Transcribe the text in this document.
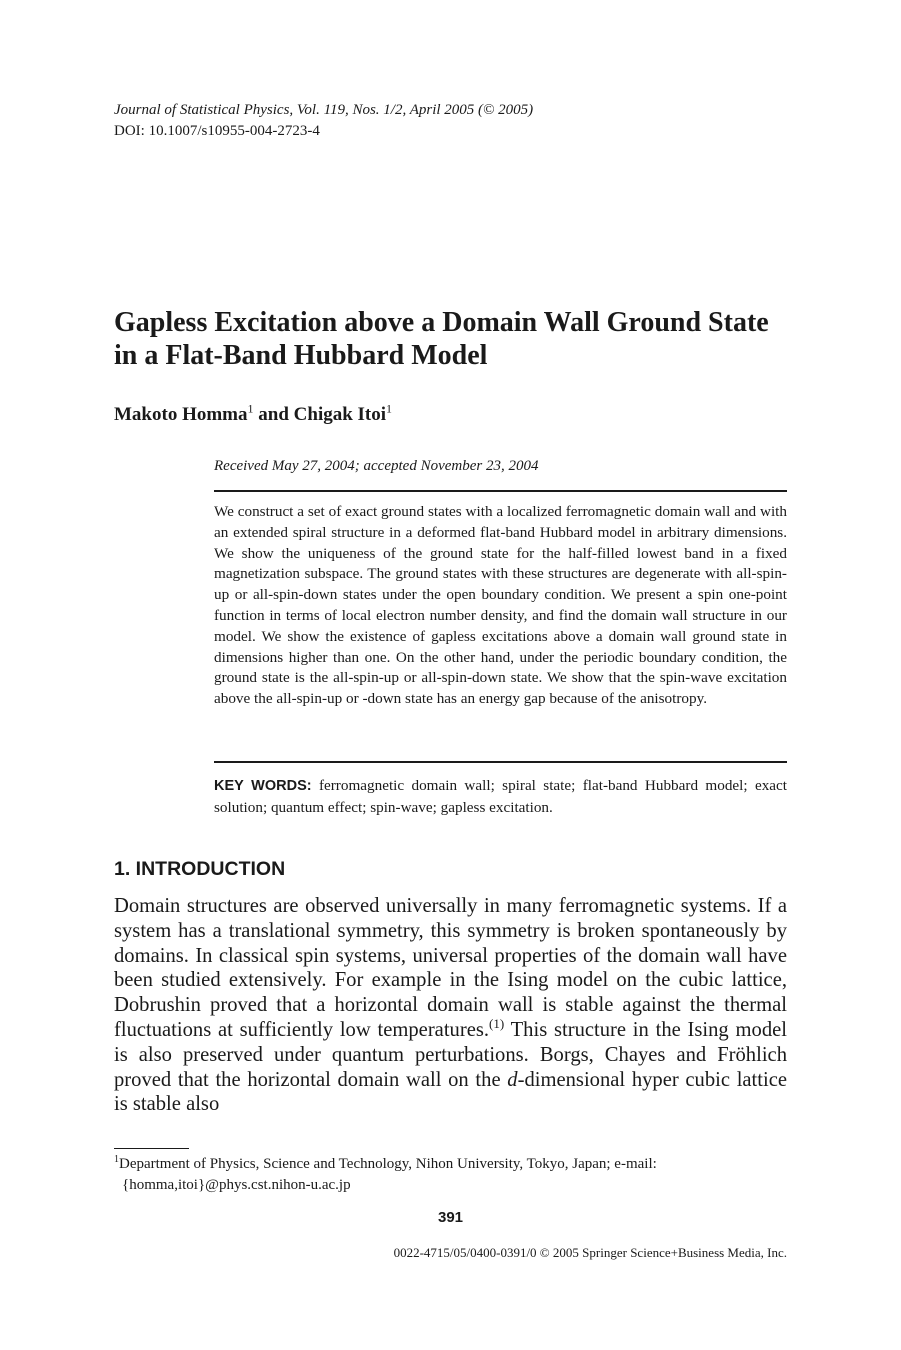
Journal of Statistical Physics, Vol. 119, Nos. 1/2, April 2005 (© 2005)
DOI: 10.1007/s10955-004-2723-4
Gapless Excitation above a Domain Wall Ground State
in a Flat-Band Hubbard Model
Makoto Homma$^1$ and Chigak Itoi$^1$
Received May 27, 2004; accepted November 23, 2004
We construct a set of exact ground states with a localized ferromagnetic domain wall and with an extended spiral structure in a deformed flat-band Hubbard model in arbitrary dimensions. We show the uniqueness of the ground state for the half-filled lowest band in a fixed magnetization subspace. The ground states with these structures are degenerate with all-spin-up or all-spin-down states under the open boundary condition. We present a spin one-point function in terms of local electron number density, and find the domain wall structure in our model. We show the existence of gapless excitations above a domain wall ground state in dimensions higher than one. On the other hand, under the periodic boundary condition, the ground state is the all-spin-up or all-spin-down state. We show that the spin-wave excitation above the all-spin-up or -down state has an energy gap because of the anisotropy.
KEY WORDS: ferromagnetic domain wall; spiral state; flat-band Hubbard model; exact solution; quantum effect; spin-wave; gapless excitation.
1. INTRODUCTION
Domain structures are observed universally in many ferromagnetic systems. If a system has a translational symmetry, this symmetry is broken spontaneously by domains. In classical spin systems, universal properties of the domain wall have been studied extensively. For example in the Ising model on the cubic lattice, Dobrushin proved that a horizontal domain wall is stable against the thermal fluctuations at sufficiently low temperatures.$^{(1)}$ This structure in the Ising model is also preserved under quantum perturbations. Borgs, Chayes and Fröhlich proved that the horizontal domain wall on the d-dimensional hyper cubic lattice is stable also
$^1$Department of Physics, Science and Technology, Nihon University, Tokyo, Japan; e-mail:
{homma,itoi}@phys.cst.nihon-u.ac.jp
391
0022-4715/05/0400-0391/0 © 2005 Springer Science+Business Media, Inc.
